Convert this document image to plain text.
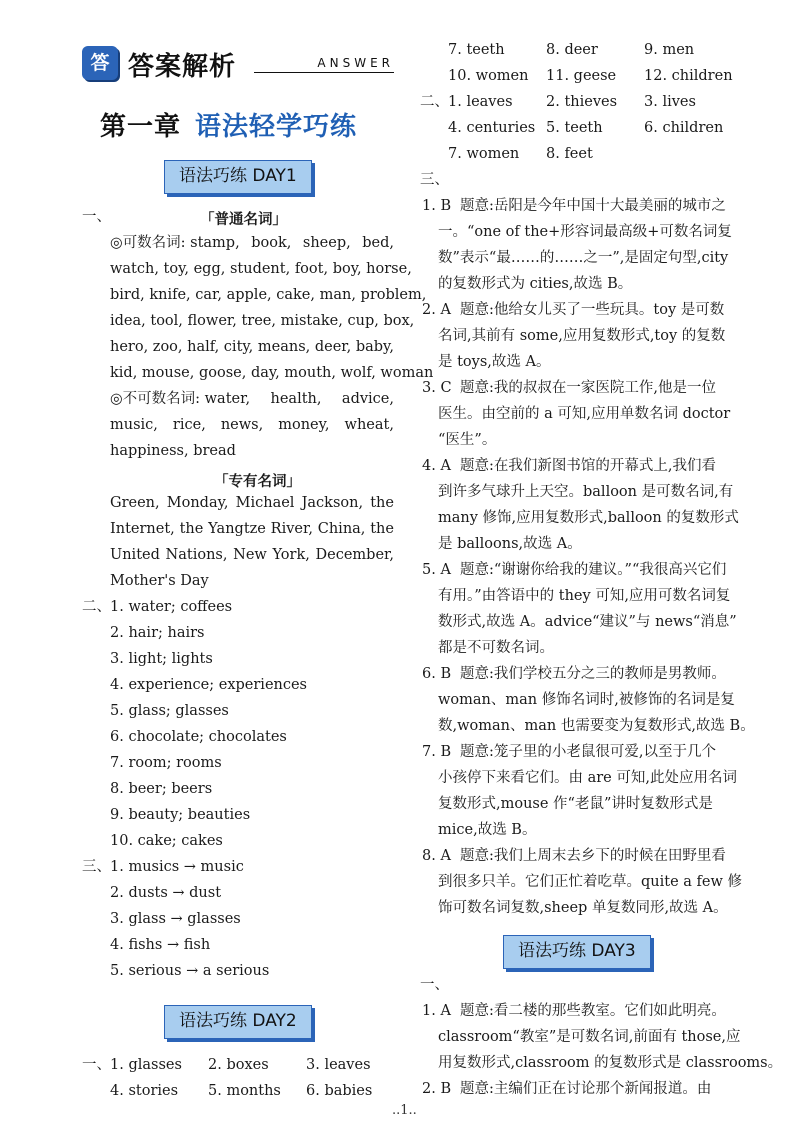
答 答案解析	ANSWER
第一章 语法轻学巧练
语法巧练 DAY1
语法巧练 DAY2
语法巧练 DAY3
..1..
一、	「普通名词」
◎可数名词: stamp, book, sheep, bed,
watch, toy, egg, student, foot, boy, horse,
bird, knife, car, apple, cake, man, problem,
idea, tool, flower, tree, mistake, cup, box,
hero, zoo, half, city, means, deer, baby,
kid, mouse, goose, day, mouth, wolf, woman
◎不可数名词: water, health, advice,
music, rice, news, money, wheat,
happiness, bread
「专有名词」
Green, Monday, Michael Jackson, the
Internet, the Yangtze River, China, the
United Nations, New York, December,
Mother's Day
二、 1. water; coffees
2. hair; hairs
3. light; lights
4. experience; experiences
5. glass; glasses
6. chocolate; chocolates
7. room; rooms
8. beer; beers
9. beauty; beauties
10. cake; cakes
三、 1. musics → music
2. dusts → dust
3. glass → glasses
4. fishs → fish
5. serious → a serious
一、 1. glasses 2. boxes	3. leaves
4. stories 5. months 6. babies
7. teeth	8. deer	9. men
10. women 11. geese 12. children
二、 1. leaves 2. thieves 3. lives
4. centuries 5. teeth	6. children
7. women 8. feet
三、
1. B 题意:岳阳是今年中国十大最美丽的城市之
一。“one of the+形容词最高级+可数名词复
数”表示“最……的……之一”,是固定句型,city
的复数形式为 cities,故选 B。
2. A 题意:他给女儿买了一些玩具。toy 是可数
名词,其前有 some,应用复数形式,toy 的复数
是 toys,故选 A。
3. C 题意:我的叔叔在一家医院工作,他是一位
医生。由空前的 a 可知,应用单数名词 doctor
“医生”。
4. A 题意:在我们新图书馆的开幕式上,我们看
到许多气球升上天空。balloon 是可数名词,有
many 修饰,应用复数形式,balloon 的复数形式
是 balloons,故选 A。
5. A 题意:“谢谢你给我的建议。”“我很高兴它们
有用。”由答语中的 they 可知,应用可数名词复
数形式,故选 A。advice“建议”与 news“消息”
都是不可数名词。
6. B 题意:我们学校五分之三的教师是男教师。
woman、man 修饰名词时,被修饰的名词是复
数,woman、man 也需要变为复数形式,故选 B。
7. B 题意:笼子里的小老鼠很可爱,以至于几个
小孩停下来看它们。由 are 可知,此处应用名词
复数形式,mouse 作“老鼠”讲时复数形式是
mice,故选 B。
8. A 题意:我们上周末去乡下的时候在田野里看
到很多只羊。它们正忙着吃草。quite a few 修
饰可数名词复数,sheep 单复数同形,故选 A。
一、
1. A 题意:看二楼的那些教室。它们如此明亮。
classroom“教室”是可数名词,前面有 those,应
用复数形式,classroom 的复数形式是 classrooms。
2. B 题意:主编们正在讨论那个新闻报道。由
